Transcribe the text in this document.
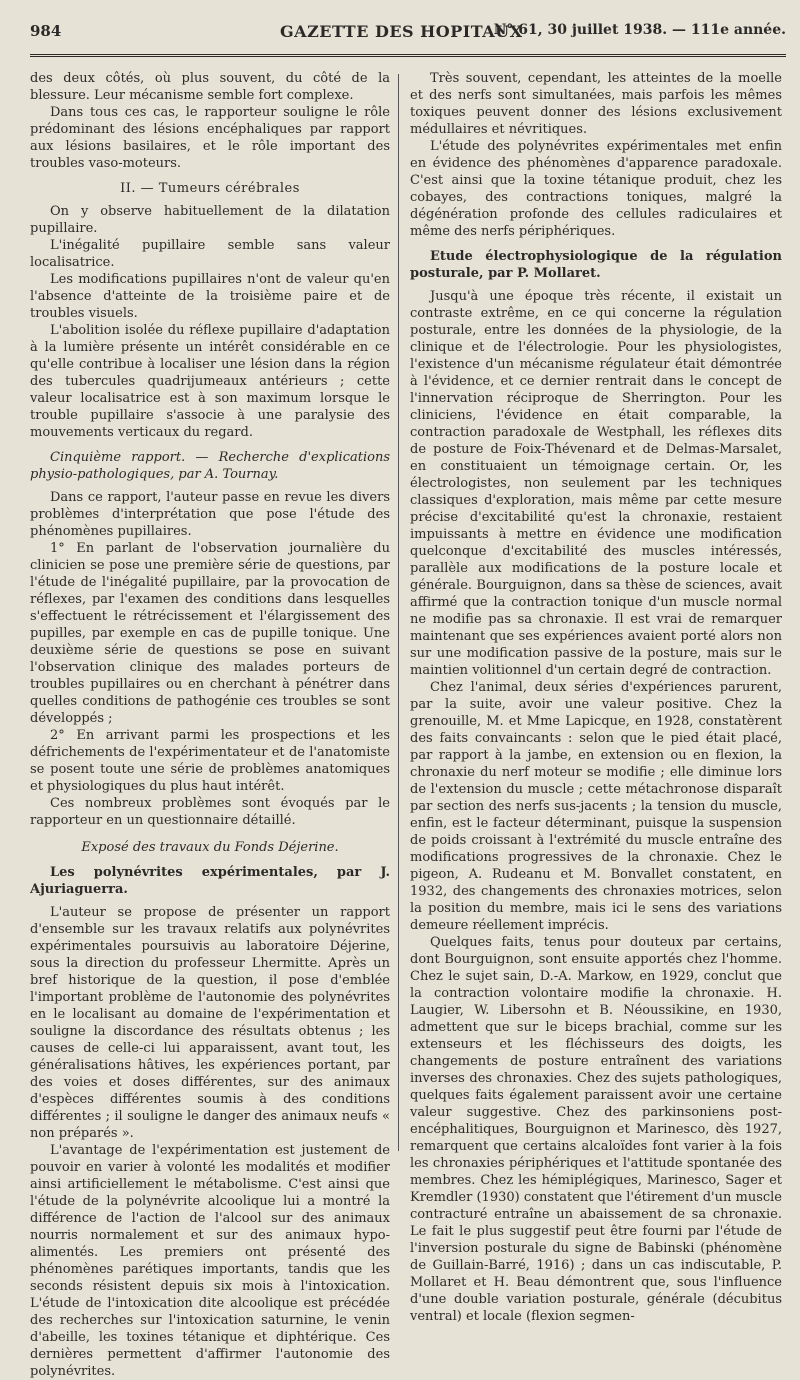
984	GAZETTE DES HOPITAUX
N° 61, 30 juillet 1938. — 111e année.

des deux côtés, où plus souvent, du côté de la blessure. Leur mécanisme semble fort complexe.

Dans tous ces cas, le rapporteur souligne le rôle prédominant des lésions encéphaliques par rapport aux lésions basilaires, et le rôle important des troubles vaso-moteurs.

II. — Tumeurs cérébrales

On y observe habituellement de la dilatation pupillaire.

L'inégalité pupillaire semble sans valeur localisatrice.

Les modifications pupillaires n'ont de valeur qu'en l'absence d'atteinte de la troisième paire et de troubles visuels.

L'abolition isolée du réflexe pupillaire d'adaptation à la lumière présente un intérêt considérable en ce qu'elle contribue à localiser une lésion dans la région des tubercules quadrijumeaux antérieurs ; cette valeur localisatrice est à son maximum lorsque le trouble pupillaire s'associe à une paralysie des mouvements verticaux du regard.

Cinquième rapport. — Recherche d'explications physio-pathologiques, par A. Tournay.

Dans ce rapport, l'auteur passe en revue les divers problèmes d'interprétation que pose l'étude des phénomènes pupillaires.

1° En parlant de l'observation journalière du clinicien se pose une première série de questions, par l'étude de l'inégalité pupillaire, par la provocation de réflexes, par l'examen des conditions dans lesquelles s'effectuent le rétrécissement et l'élargissement des pupilles, par exemple en cas de pupille tonique. Une deuxième série de questions se pose en suivant l'observation clinique des malades porteurs de troubles pupillaires ou en cherchant à pénétrer dans quelles conditions de pathogénie ces troubles se sont développés ;

2° En arrivant parmi les prospections et les défrichements de l'expérimentateur et de l'anatomiste se posent toute une série de problèmes anatomiques et physiologiques du plus haut intérêt.

Ces nombreux problèmes sont évoqués par le rapporteur en un questionnaire détaillé.

Exposé des travaux du Fonds Déjerine.

Les polynévrites expérimentales, par J. Ajuriaguerra.

L'auteur se propose de présenter un rapport d'ensemble sur les travaux relatifs aux polynévrites expérimentales poursuivis au laboratoire Déjerine, sous la direction du professeur Lhermitte. Après un bref historique de la question, il pose d'emblée l'important problème de l'autonomie des polynévrites en le localisant au domaine de l'expérimentation et souligne la discordance des résultats obtenus ; les causes de celle-ci lui apparaissent, avant tout, les généralisations hâtives, les expériences portant, par des voies et doses différentes, sur des animaux d'espèces différentes soumis à des conditions différentes ; il souligne le danger des animaux neufs « non préparés ».

L'avantage de l'expérimentation est justement de pouvoir en varier à volonté les modalités et modifier ainsi artificiellement le métabolisme. C'est ainsi que l'étude de la polynévrite alcoolique lui a montré la différence de l'action de l'alcool sur des animaux nourris normalement et sur des animaux hypo-alimentés. Les premiers ont présenté des phénomènes parétiques importants, tandis que les seconds résistent depuis six mois à l'intoxication. L'étude de l'intoxication dite alcoolique est précédée des recherches sur l'intoxication saturnine, le venin d'abeille, les toxines tétanique et diphtérique. Ces dernières permettent d'affirmer l'autonomie des polynévrites.

Très souvent, cependant, les atteintes de la moelle et des nerfs sont simultanées, mais parfois les mêmes toxiques peuvent donner des lésions exclusivement médullaires et névritiques.

L'étude des polynévrites expérimentales met enfin en évidence des phénomènes d'apparence paradoxale. C'est ainsi que la toxine tétanique produit, chez les cobayes, des contractions toniques, malgré la dégénération profonde des cellules radiculaires et même des nerfs périphériques.

Etude électrophysiologique de la régulation posturale, par P. Mollaret.

Jusqu'à une époque très récente, il existait un contraste extrême, en ce qui concerne la régulation posturale, entre les données de la physiologie, de la clinique et de l'électrologie. Pour les physiologistes, l'existence d'un mécanisme régulateur était démontrée à l'évidence, et ce dernier rentrait dans le concept de l'innervation réciproque de Sherrington. Pour les cliniciens, l'évidence en était comparable, la contraction paradoxale de Westphall, les réflexes dits de posture de Foix-Thévenard et de Delmas-Marsalet, en constituaient un témoignage certain. Or, les électrologistes, non seulement par les techniques classiques d'exploration, mais même par cette mesure précise d'excitabilité qu'est la chronaxie, restaient impuissants à mettre en évidence une modification quelconque d'excitabilité des muscles intéressés, parallèle aux modifications de la posture locale et générale. Bourguignon, dans sa thèse de sciences, avait affirmé que la contraction tonique d'un muscle normal ne modifie pas sa chronaxie. Il est vrai de remarquer maintenant que ses expériences avaient porté alors non sur une modification passive de la posture, mais sur le maintien volitionnel d'un certain degré de contraction.

Chez l'animal, deux séries d'expériences parurent, par la suite, avoir une valeur positive. Chez la grenouille, M. et Mme Lapicque, en 1928, constatèrent des faits convaincants : selon que le pied était placé, par rapport à la jambe, en extension ou en flexion, la chronaxie du nerf moteur se modifie ; elle diminue lors de l'extension du muscle ; cette métachronose disparaît par section des nerfs sus-jacents ; la tension du muscle, enfin, est le facteur déterminant, puisque la suspension de poids croissant à l'extrémité du muscle entraîne des modifications progressives de la chronaxie. Chez le pigeon, A. Rudeanu et M. Bonvallet constatent, en 1932, des changements des chronaxies motrices, selon la position du membre, mais ici le sens des variations demeure réellement imprécis.

Quelques faits, tenus pour douteux par certains, dont Bourguignon, sont ensuite apportés chez l'homme. Chez le sujet sain, D.-A. Markow, en 1929, conclut que la contraction volontaire modifie la chronaxie. H. Laugier, W. Libersohn et B. Néoussikine, en 1930, admettent que sur le biceps brachial, comme sur les extenseurs et les fléchisseurs des doigts, les changements de posture entraînent des variations inverses des chronaxies. Chez des sujets pathologiques, quelques faits également paraissent avoir une certaine valeur suggestive. Chez des parkinsoniens post-encéphalitiques, Bourguignon et Marinesco, dès 1927, remarquent que certains alcaloïdes font varier à la fois les chronaxies périphériques et l'attitude spontanée des membres. Chez les hémiplégiques, Marinesco, Sager et Kremdler (1930) constatent que l'étirement d'un muscle contracturé entraîne un abaissement de sa chronaxie. Le fait le plus suggestif peut être fourni par l'étude de l'inversion posturale du signe de Babinski (phénomène de Guillain-Barré, 1916) ; dans un cas indiscutable, P. Mollaret et H. Beau démontrent que, sous l'influence d'une double variation posturale, générale (décubitus ventral) et locale (flexion segmen-
